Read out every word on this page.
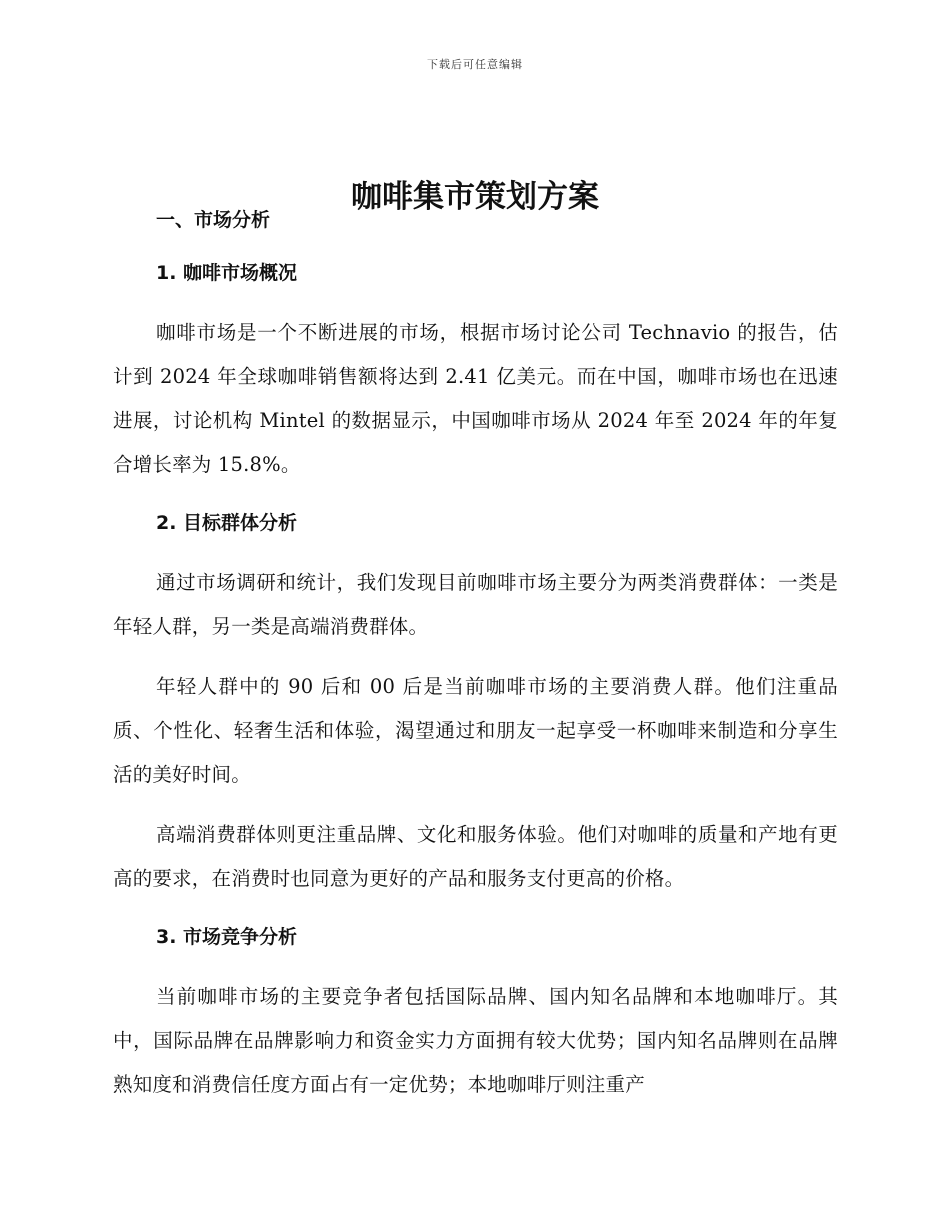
下载后可任意编辑
咖啡集市策划方案
一、市场分析
1. 咖啡市场概况

咖啡市场是一个不断进展的市场，根据市场讨论公司 Technavio 的报告，估计到 2024 年全球咖啡销售额将达到 2.41 亿美元。而在中国，咖啡市场也在迅速进展，讨论机构 Mintel 的数据显示，中国咖啡市场从 2024 年至 2024 年的年复合增长率为 15.8%。

2. 目标群体分析

通过市场调研和统计，我们发现目前咖啡市场主要分为两类消费群体：一类是年轻人群，另一类是高端消费群体。

年轻人群中的 90 后和 00 后是当前咖啡市场的主要消费人群。他们注重品质、个性化、轻奢生活和体验，渴望通过和朋友一起享受一杯咖啡来制造和分享生活的美好时间。

高端消费群体则更注重品牌、文化和服务体验。他们对咖啡的质量和产地有更高的要求，在消费时也同意为更好的产品和服务支付更高的价格。

3. 市场竞争分析

当前咖啡市场的主要竞争者包括国际品牌、国内知名品牌和本地咖啡厅。其中，国际品牌在品牌影响力和资金实力方面拥有较大优势；国内知名品牌则在品牌熟知度和消费信任度方面占有一定优势；本地咖啡厅则注重产
